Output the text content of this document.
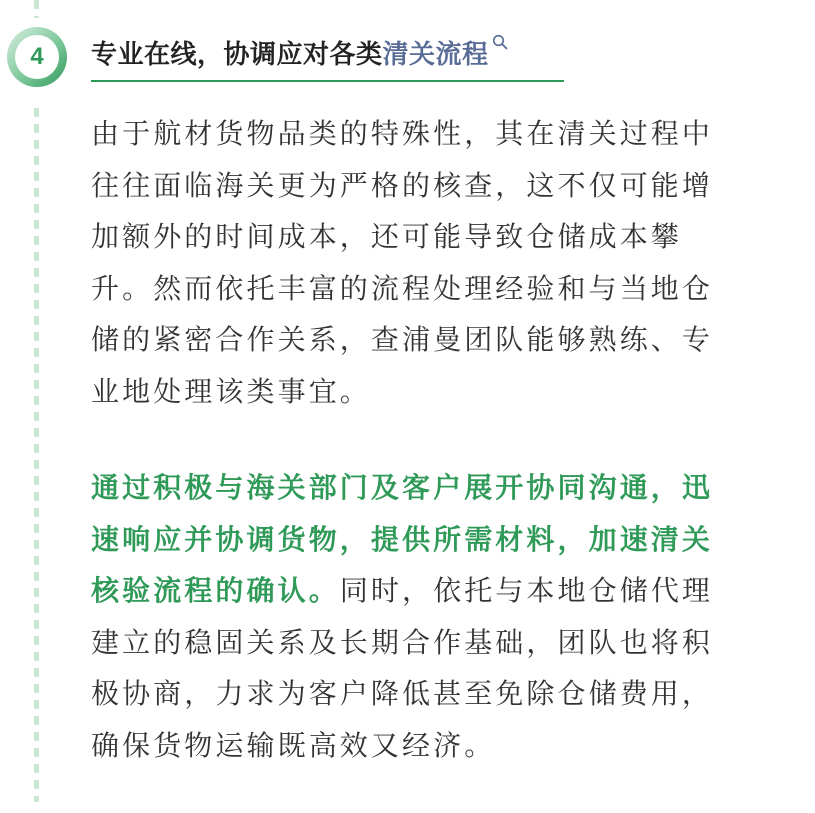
4	专业在线，协调应对各类清关流程

由于航材货物品类的特殊性，其在清关过程中往往面临海关更为严格的核查，这不仅可能增加额外的时间成本，还可能导致仓储成本攀升。然而依托丰富的流程处理经验和与当地仓储的紧密合作关系，查浦曼团队能够熟练、专业地处理该类事宜。

通过积极与海关部门及客户展开协同沟通，迅速响应并协调货物，提供所需材料，加速清关核验流程的确认。同时，依托与本地仓储代理建立的稳固关系及长期合作基础，团队也将积极协商，力求为客户降低甚至免除仓储费用，确保货物运输既高效又经济。
